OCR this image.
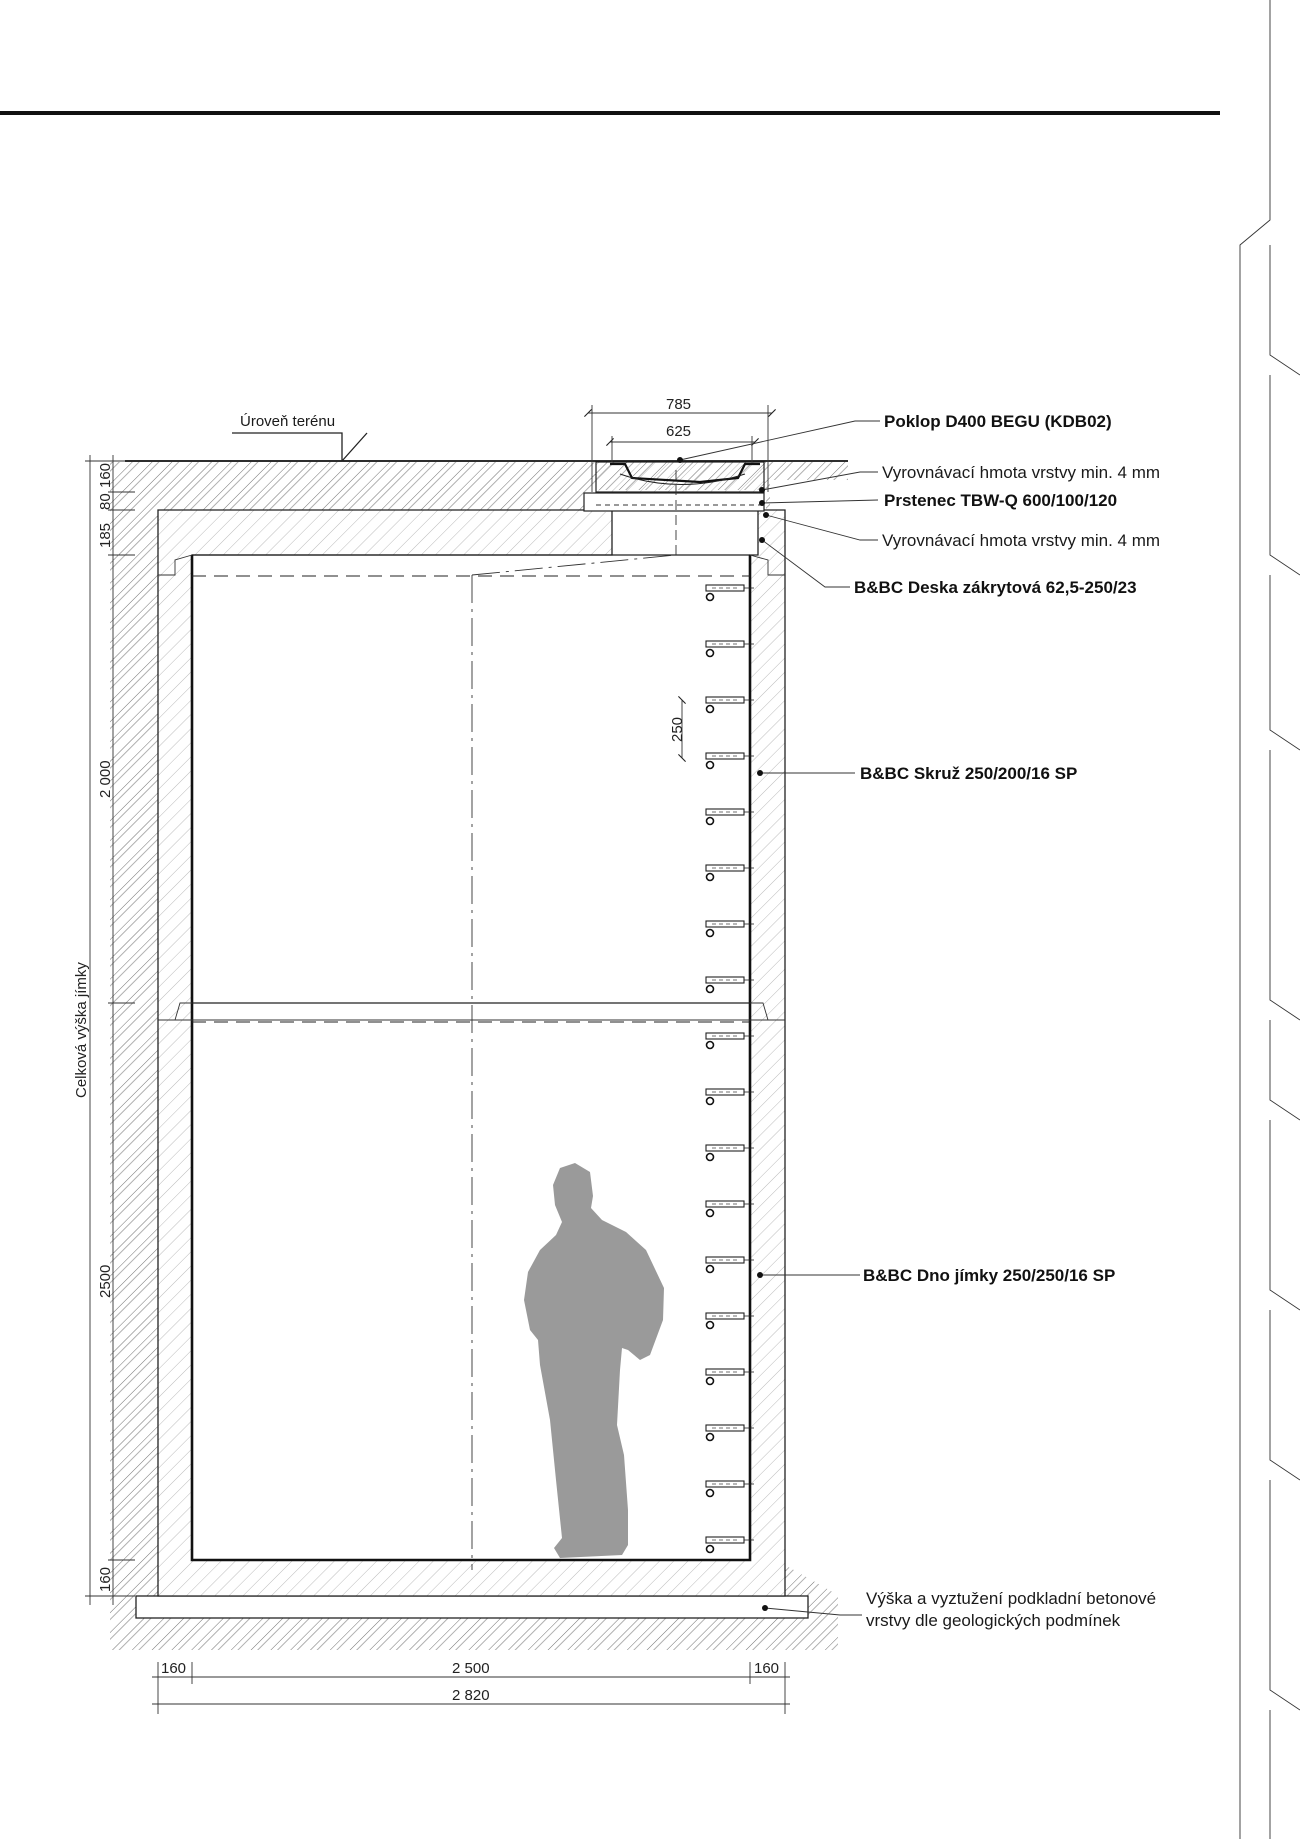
Úroveň terénu
785
625
250
160
80
185
2 000
2500
160
Celková výška jímky
160	2 500	160
2 820
Poklop D400 BEGU (KDB02)
Vyrovnávací hmota vrstvy min. 4 mm
Prstenec TBW-Q 600/100/120
Vyrovnávací hmota vrstvy min. 4 mm
B&BC Deska zákrytová 62,5-250/23
B&BC Skruž 250/200/16 SP
B&BC Dno jímky 250/250/16 SP
Výška a vyztužení podkladní betonové
vrstvy dle geologických podmínek
